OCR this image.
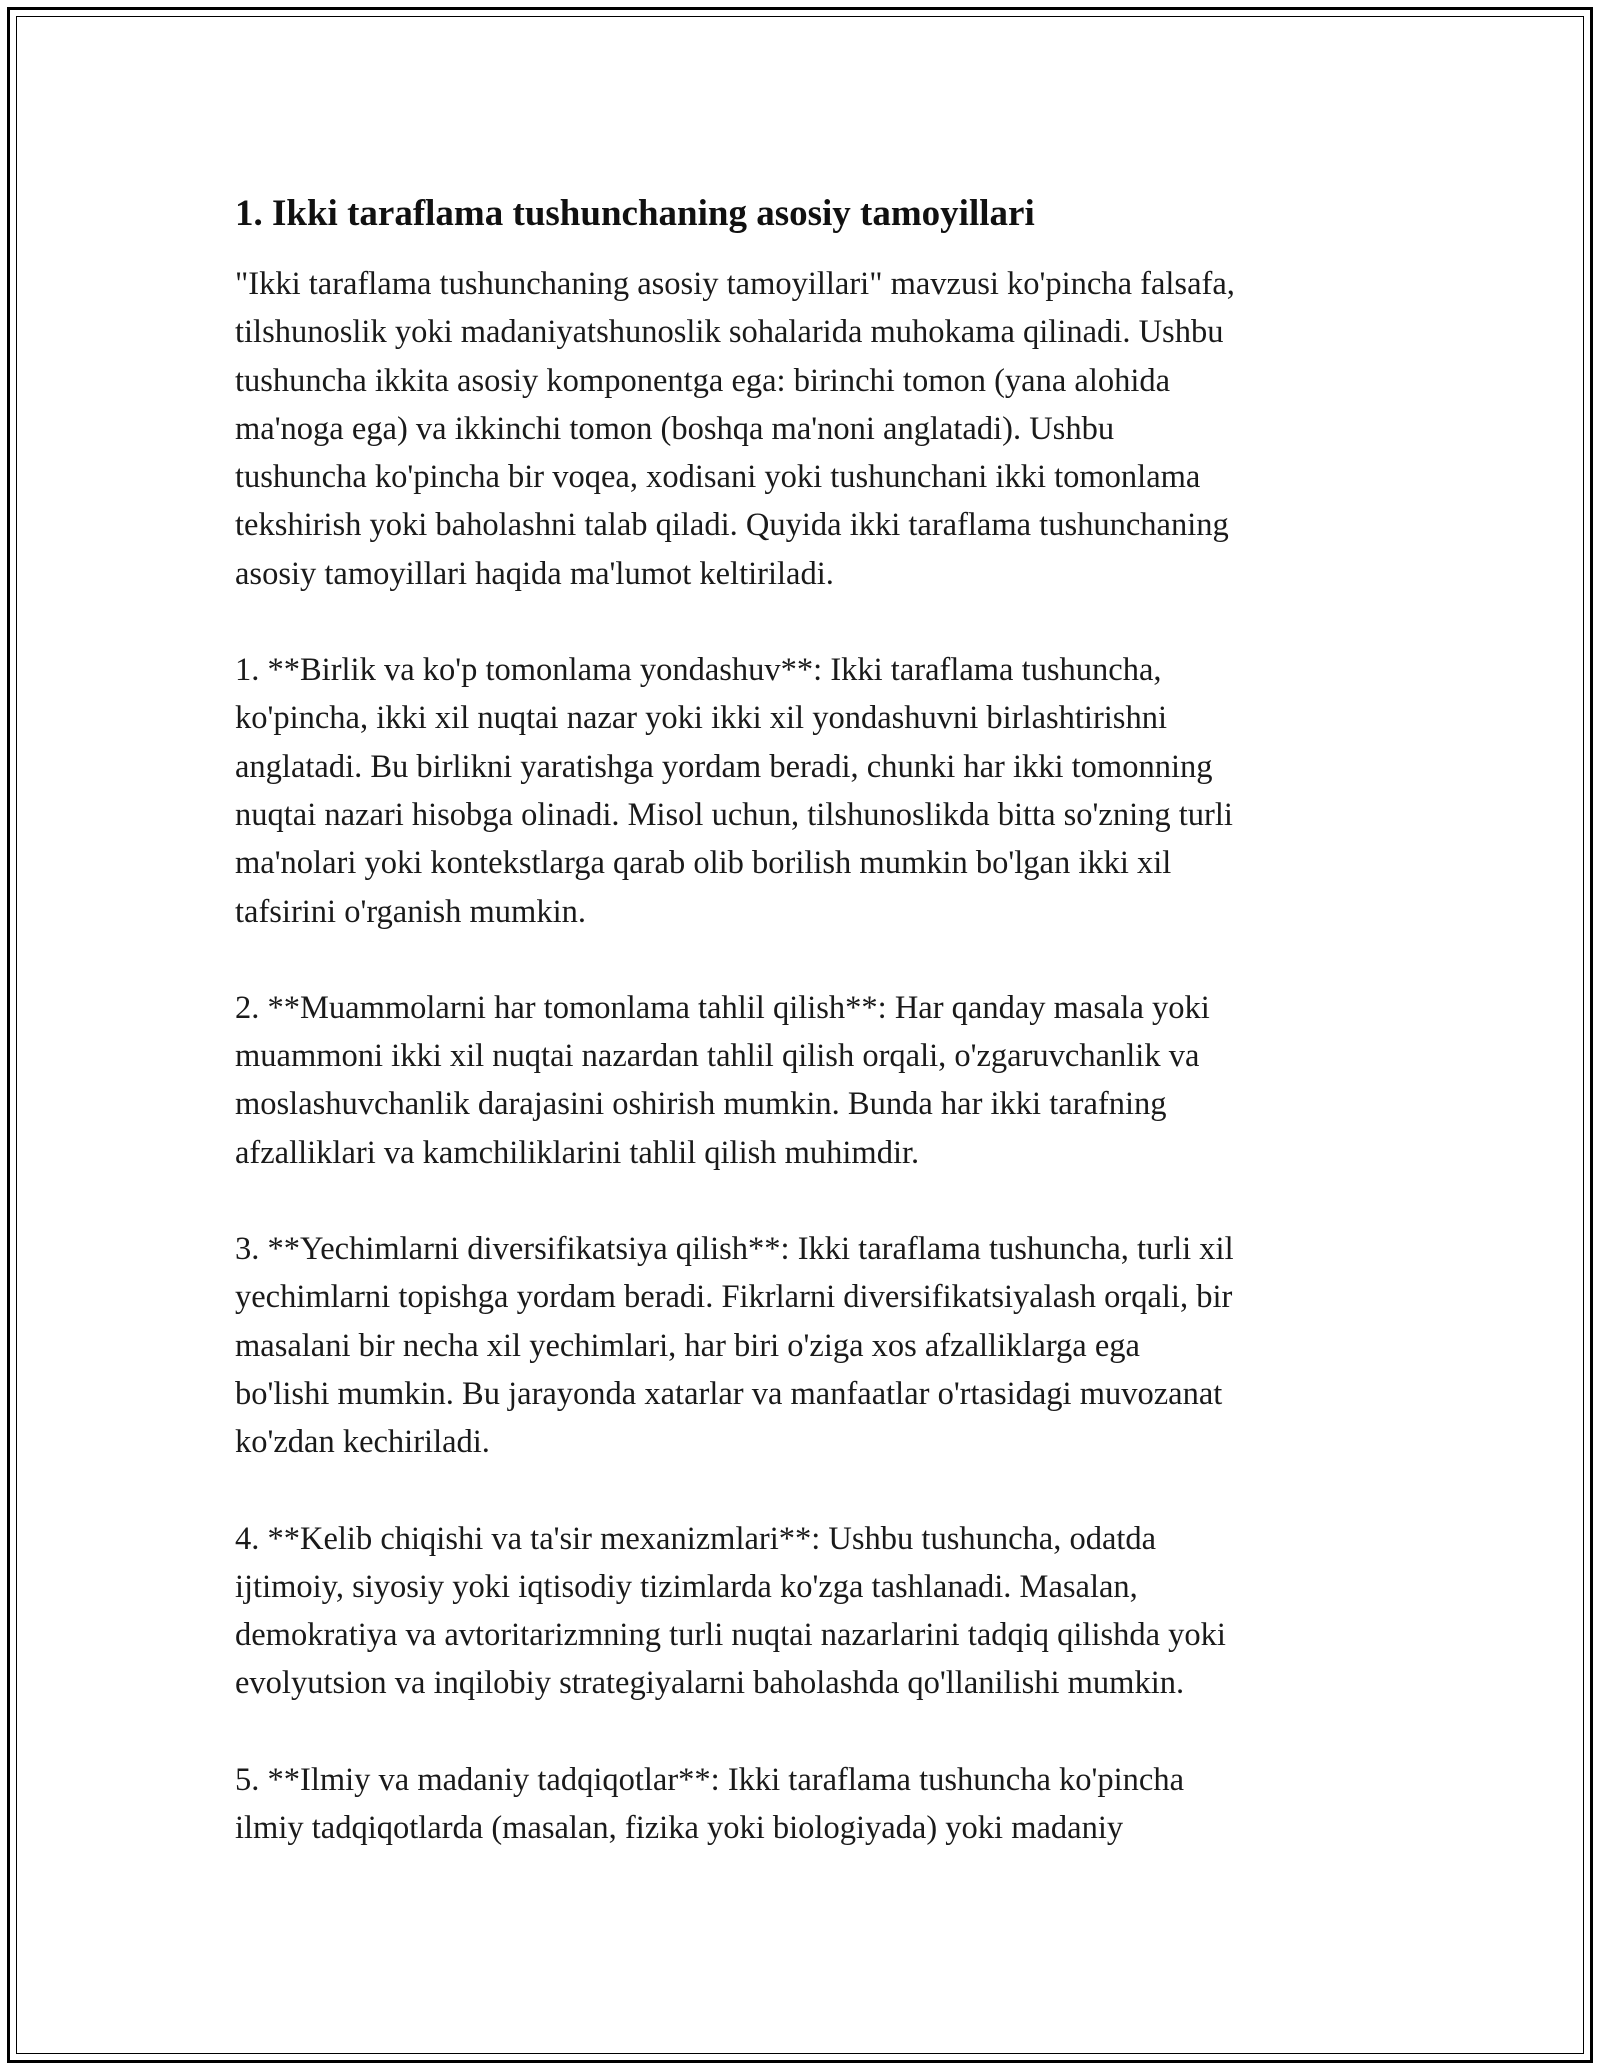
1. Ikki taraflama tushunchaning asosiy tamoyillari

"Ikki taraflama tushunchaning asosiy tamoyillari" mavzusi ko'pincha falsafa,
tilshunoslik yoki madaniyatshunoslik sohalarida muhokama qilinadi. Ushbu
tushuncha ikkita asosiy komponentga ega: birinchi tomon (yana alohida
ma'noga ega) va ikkinchi tomon (boshqa ma'noni anglatadi). Ushbu
tushuncha ko'pincha bir voqea, xodisani yoki tushunchani ikki tomonlama
tekshirish yoki baholashni talab qiladi. Quyida ikki taraflama tushunchaning
asosiy tamoyillari haqida ma'lumot keltiriladi.

1. **Birlik va ko'p tomonlama yondashuv**: Ikki taraflama tushuncha,
ko'pincha, ikki xil nuqtai nazar yoki ikki xil yondashuvni birlashtirishni
anglatadi. Bu birlikni yaratishga yordam beradi, chunki har ikki tomonning
nuqtai nazari hisobga olinadi. Misol uchun, tilshunoslikda bitta so'zning turli
ma'nolari yoki kontekstlarga qarab olib borilish mumkin bo'lgan ikki xil
tafsirini o'rganish mumkin.

2. **Muammolarni har tomonlama tahlil qilish**: Har qanday masala yoki
muammoni ikki xil nuqtai nazardan tahlil qilish orqali, o'zgaruvchanlik va
moslashuvchanlik darajasini oshirish mumkin. Bunda har ikki tarafning
afzalliklari va kamchiliklarini tahlil qilish muhimdir.

3. **Yechimlarni diversifikatsiya qilish**: Ikki taraflama tushuncha, turli xil
yechimlarni topishga yordam beradi. Fikrlarni diversifikatsiyalash orqali, bir
masalani bir necha xil yechimlari, har biri o'ziga xos afzalliklarga ega
bo'lishi mumkin. Bu jarayonda xatarlar va manfaatlar o'rtasidagi muvozanat
ko'zdan kechiriladi.

4. **Kelib chiqishi va ta'sir mexanizmlari**: Ushbu tushuncha, odatda
ijtimoiy, siyosiy yoki iqtisodiy tizimlarda ko'zga tashlanadi. Masalan,
demokratiya va avtoritarizmning turli nuqtai nazarlarini tadqiq qilishda yoki
evolyutsion va inqilobiy strategiyalarni baholashda qo'llanilishi mumkin.

5. **Ilmiy va madaniy tadqiqotlar**: Ikki taraflama tushuncha ko'pincha
ilmiy tadqiqotlarda (masalan, fizika yoki biologiyada) yoki madaniy
